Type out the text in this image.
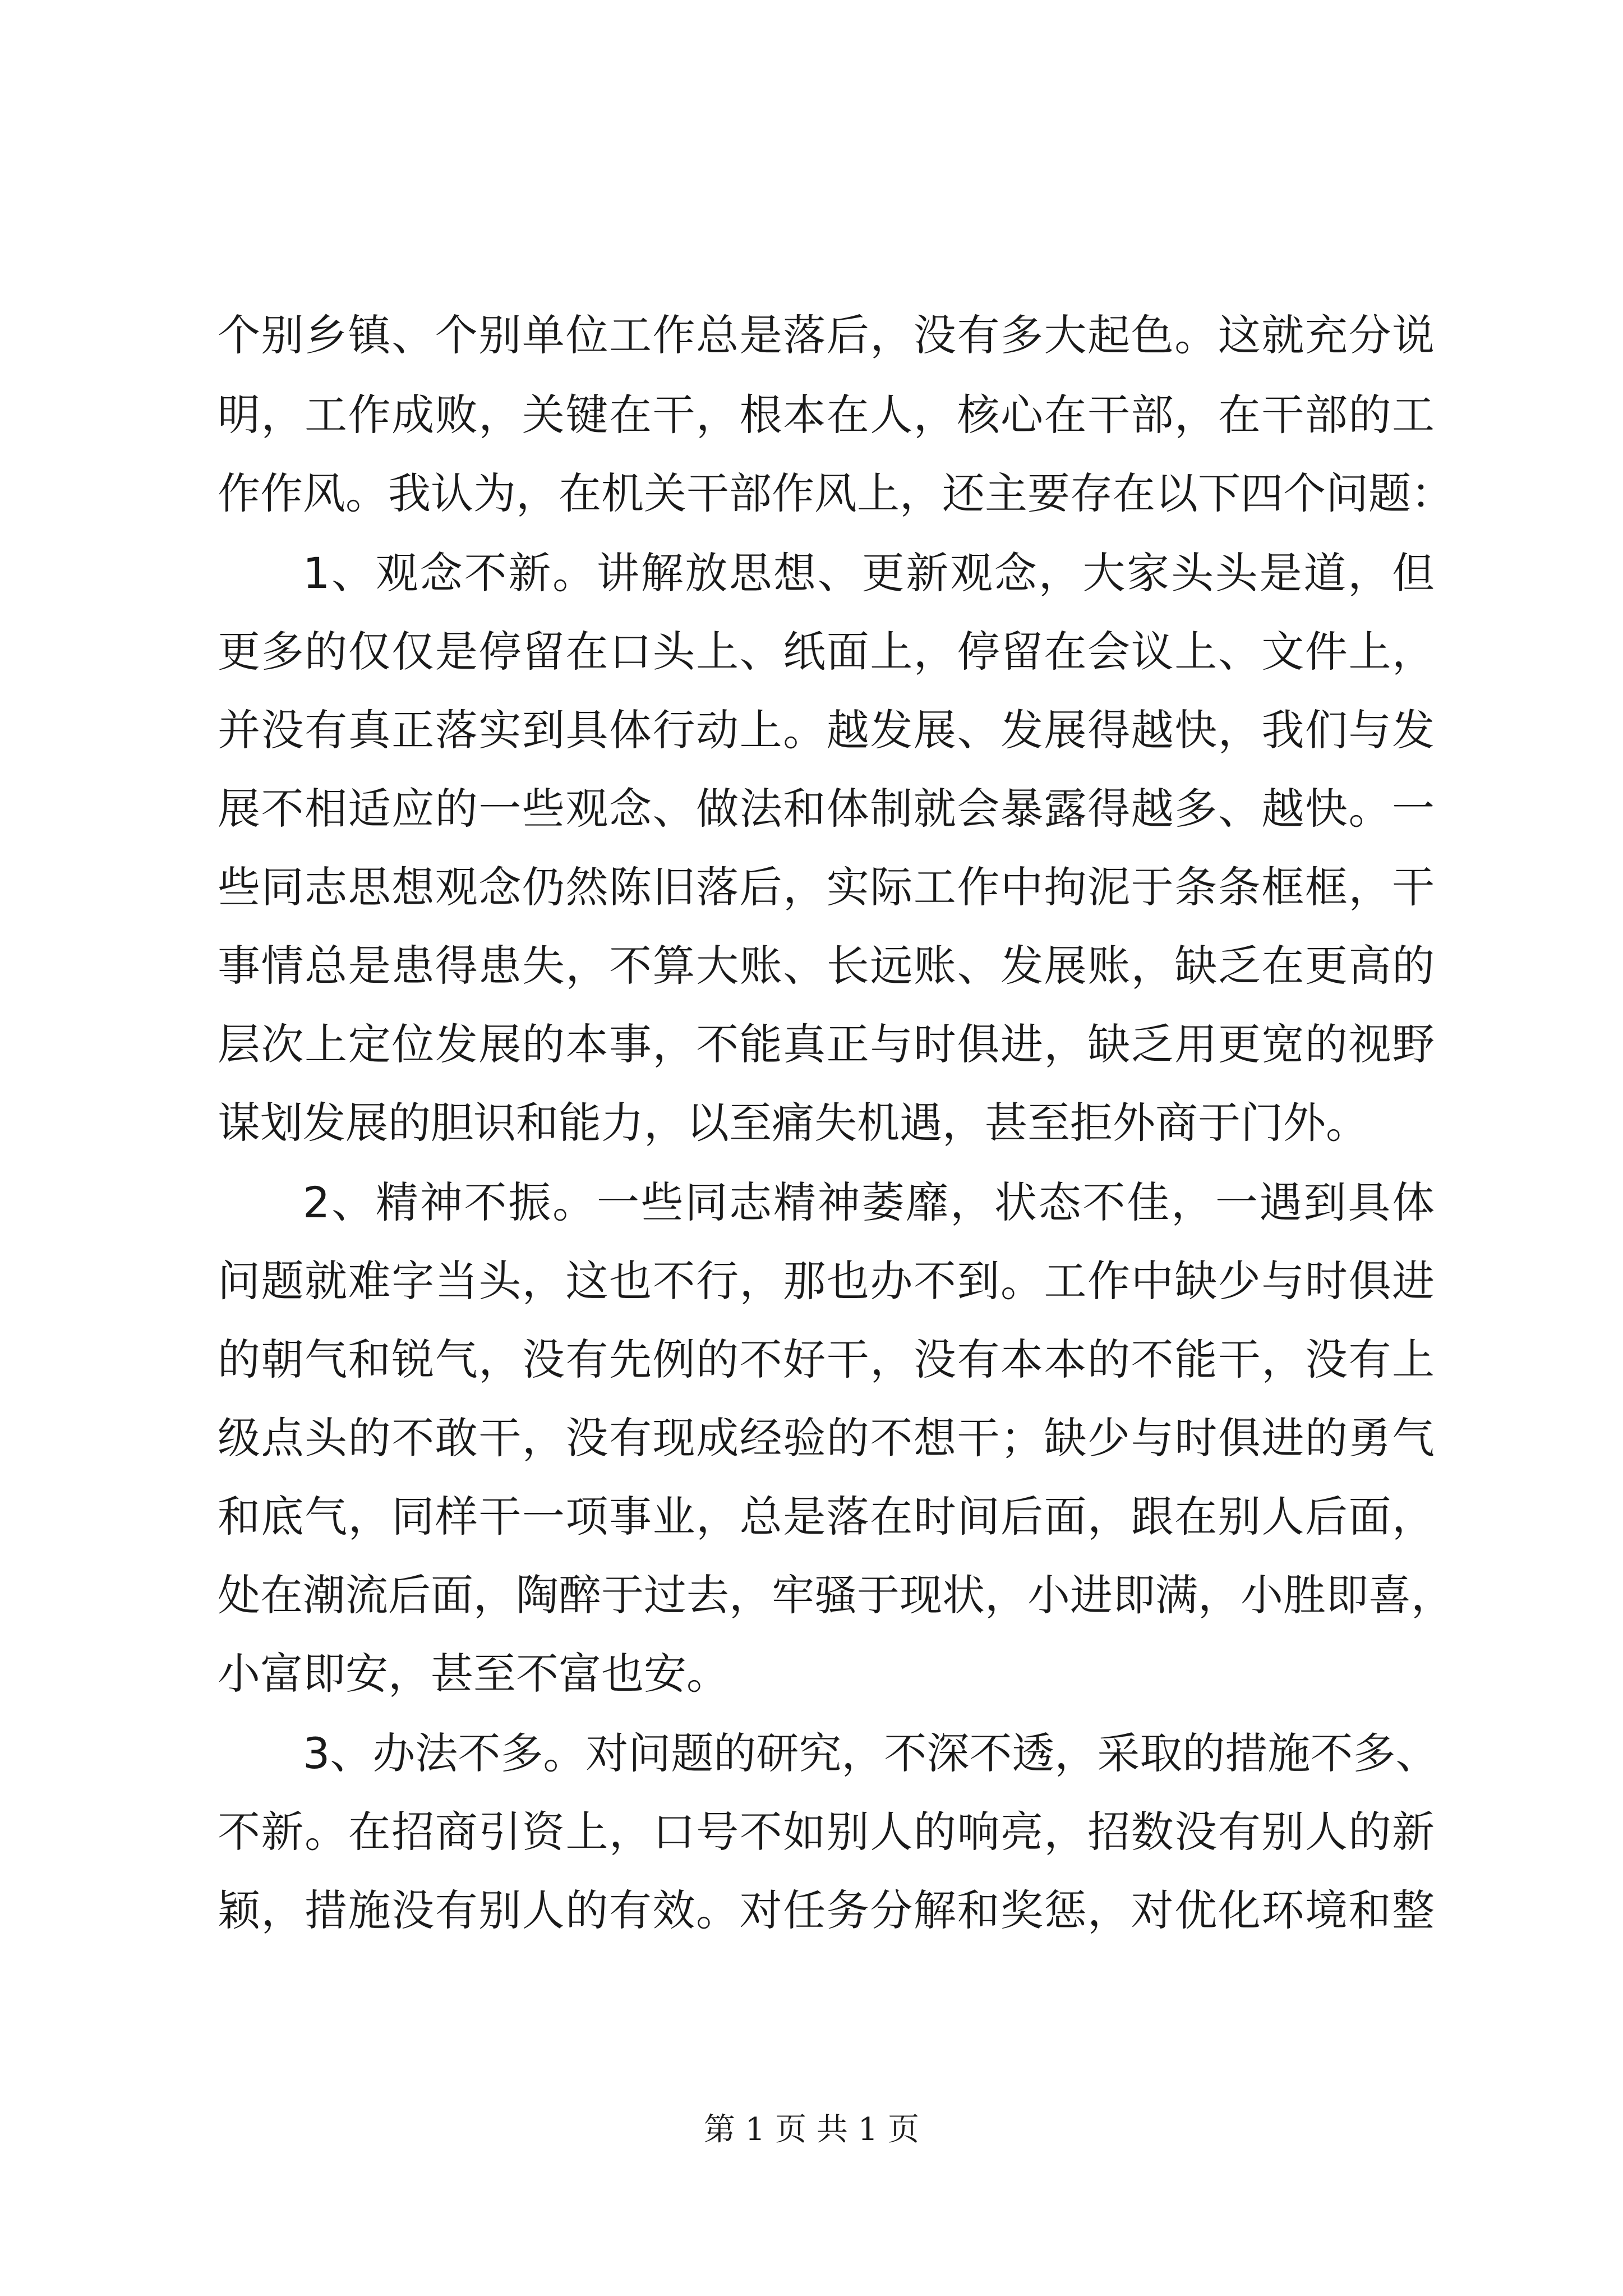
个别乡镇、个别单位工作总是落后，没有多大起色。这就充分说
明，工作成败，关键在干，根本在人，核心在干部，在干部的工
作作风。我认为，在机关干部作风上，还主要存在以下四个问题：
1、观念不新。讲解放思想、更新观念，大家头头是道，但
更多的仅仅是停留在口头上、纸面上，停留在会议上、文件上，
并没有真正落实到具体行动上。越发展、发展得越快，我们与发
展不相适应的一些观念、做法和体制就会暴露得越多、越快。一
些同志思想观念仍然陈旧落后，实际工作中拘泥于条条框框，干
事情总是患得患失，不算大账、长远账、发展账，缺乏在更高的
层次上定位发展的本事，不能真正与时俱进，缺乏用更宽的视野
谋划发展的胆识和能力，以至痛失机遇，甚至拒外商于门外。
2、精神不振。一些同志精神萎靡，状态不佳，一遇到具体
问题就难字当头，这也不行，那也办不到。工作中缺少与时俱进
的朝气和锐气，没有先例的不好干，没有本本的不能干，没有上
级点头的不敢干，没有现成经验的不想干；缺少与时俱进的勇气
和底气，同样干一项事业，总是落在时间后面，跟在别人后面，
处在潮流后面，陶醉于过去，牢骚于现状，小进即满，小胜即喜，
小富即安，甚至不富也安。
3、办法不多。对问题的研究，不深不透，采取的措施不多、
不新。在招商引资上，口号不如别人的响亮，招数没有别人的新
颖，措施没有别人的有效。对任务分解和奖惩，对优化环境和整
第 1 页 共 1 页
